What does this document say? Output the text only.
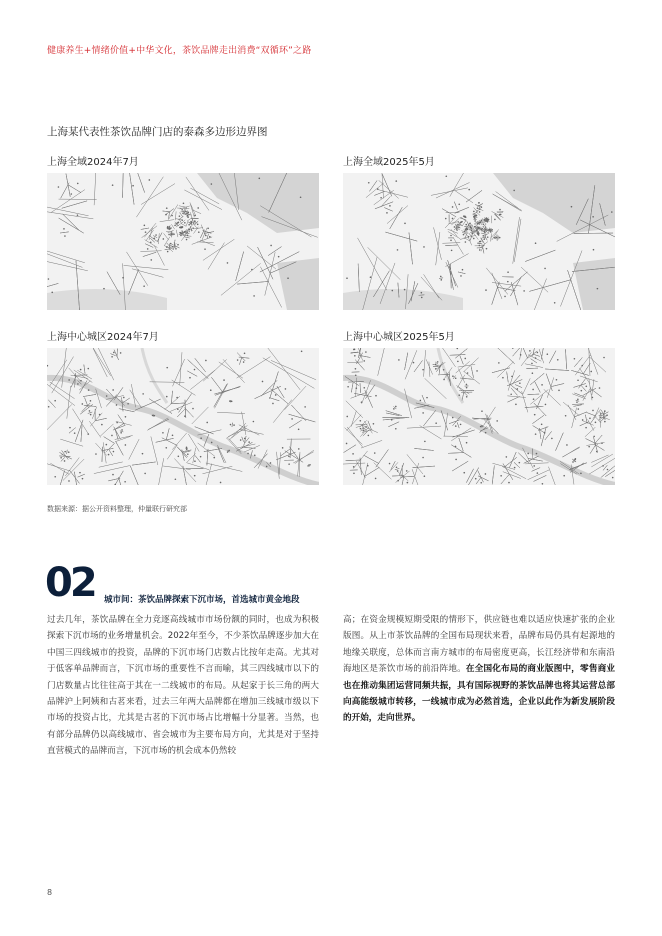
健康养生+情绪价值+中华文化，茶饮品牌走出消费“双循环”之路
上海某代表性茶饮品牌门店的泰森多边形边界图
上海全域2024年7月	上海全域2025年5月
上海中心城区2024年7月	上海中心城区2025年5月
数据来源：据公开资料整理，仲量联行研究部
02 城市间：茶饮品牌探索下沉市场，首选城市黄金地段
过去几年，茶饮品牌在全力竞逐高线城市市场份额的同时，也成为积极探索下沉市场的业务增量机会。2022年至今，不少茶饮品牌逐步加大在中国三四线城市的投资，品牌的下沉市场门店数占比按年走高。尤其对于低客单品牌而言，下沉市场的重要性不言而喻，其三四线城市以下的门店数量占比往往高于其在一二线城市的布局。从起家于长三角的两大品牌沪上阿姨和古茗来看，过去三年两大品牌都在增加三线城市级以下市场的投资占比，尤其是古茗的下沉市场占比增幅十分显著。当然，也有部分品牌仍以高线城市、省会城市为主要布局方向，尤其是对于坚持直营模式的品牌而言，下沉市场的机会成本仍然较
高；在资金规模短期受限的情形下，供应链也难以适应快速扩张的企业版图。从上市茶饮品牌的全国布局现状来看，品牌布局仍具有起源地的地缘关联度，总体而言南方城市的布局密度更高，长江经济带和东南沿海地区是茶饮市场的前沿阵地。在全国化布局的商业版图中，零售商业也在推动集团运营同频共振，具有国际视野的茶饮品牌也将其运营总部向高能级城市转移，一线城市成为必然首选，企业以此作为新发展阶段的开始，走向世界。
8
